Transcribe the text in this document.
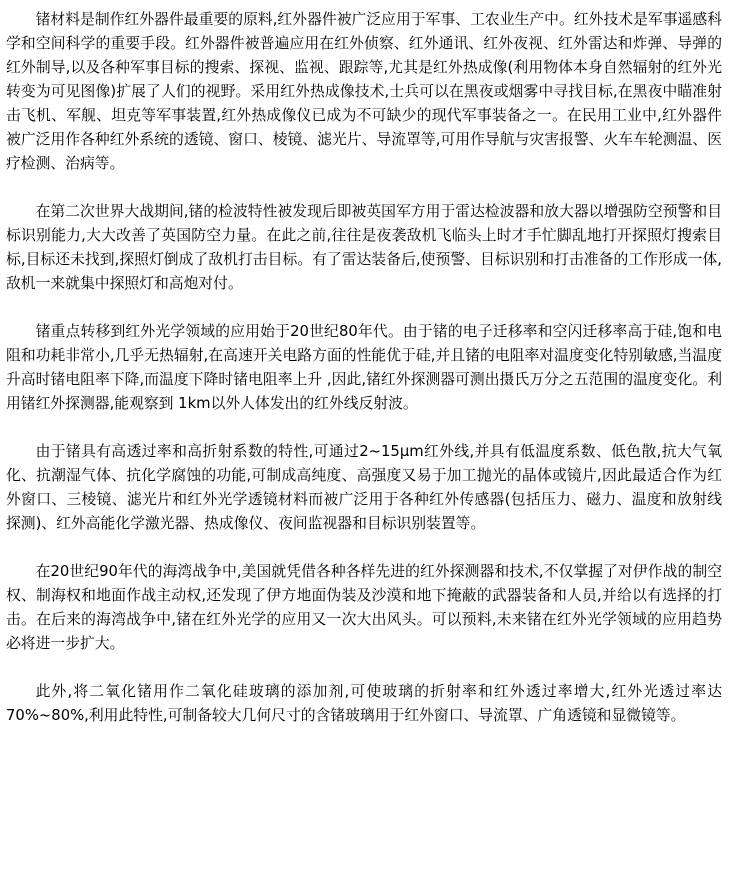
锗材料是制作红外器件最重要的原料,红外器件被广泛应用于军事、工农业生产中。红外技术是军事遥感科学和空间科学的重要手段。红外器件被普遍应用在红外侦察、红外通讯、红外夜视、红外雷达和炸弹、导弹的红外制导,以及各种军事目标的搜索、探视、监视、跟踪等,尤其是红外热成像(利用物体本身自然辐射的红外光转变为可见图像)扩展了人们的视野。采用红外热成像技术,士兵可以在黑夜或烟雾中寻找目标,在黑夜中瞄准射击飞机、军舰、坦克等军事装置,红外热成像仪已成为不可缺少的现代军事装备之一。在民用工业中,红外器件被广泛用作各种红外系统的透镜、窗口、棱镜、滤光片、导流罩等,可用作导航与灾害报警、火车车轮测温、医疗检测、治病等。

在第二次世界大战期间,锗的检波特性被发现后即被英国军方用于雷达检波器和放大器以增强防空预警和目标识别能力,大大改善了英国防空力量。在此之前,往往是夜袭敌机飞临头上时才手忙脚乱地打开探照灯搜索目标,目标还未找到,探照灯倒成了敌机打击目标。有了雷达装备后,使预警、目标识别和打击准备的工作形成一体,敌机一来就集中探照灯和高炮对付。

锗重点转移到红外光学领域的应用始于20世纪80年代。由于锗的电子迁移率和空闪迁移率高于硅,饱和电阻和功耗非常小,几乎无热辐射,在高速开关电路方面的性能优于硅,并且锗的电阻率对温度变化特别敏感,当温度升高时锗电阻率下降,而温度下降时锗电阻率上升 ,因此,锗红外探测器可测出摄氏万分之五范围的温度变化。利用锗红外探测器,能观察到 1km以外人体发出的红外线反射波。

由于锗具有高透过率和高折射系数的特性,可通过2~15μm红外线,并具有低温度系数、低色散,抗大气氧化、抗潮湿气体、抗化学腐蚀的功能,可制成高纯度、高强度又易于加工抛光的晶体或镜片,因此最适合作为红外窗口、三棱镜、滤光片和红外光学透镜材料而被广泛用于各种红外传感器(包括压力、磁力、温度和放射线探测)、红外高能化学激光器、热成像仪、夜间监视器和目标识别装置等。

在20世纪90年代的海湾战争中,美国就凭借各种各样先进的红外探测器和技术,不仅掌握了对伊作战的制空权、制海权和地面作战主动权,还发现了伊方地面伪装及沙漠和地下掩蔽的武器装备和人员,并给以有选择的打击。在后来的海湾战争中,锗在红外光学的应用又一次大出风头。可以预料,未来锗在红外光学领域的应用趋势必将进一步扩大。

此外,将二氧化锗用作二氧化硅玻璃的添加剂,可使玻璃的折射率和红外透过率增大,红外光透过率达70%~80%,利用此特性,可制备较大几何尺寸的含锗玻璃用于红外窗口、导流罩、广角透镜和显微镜等。
